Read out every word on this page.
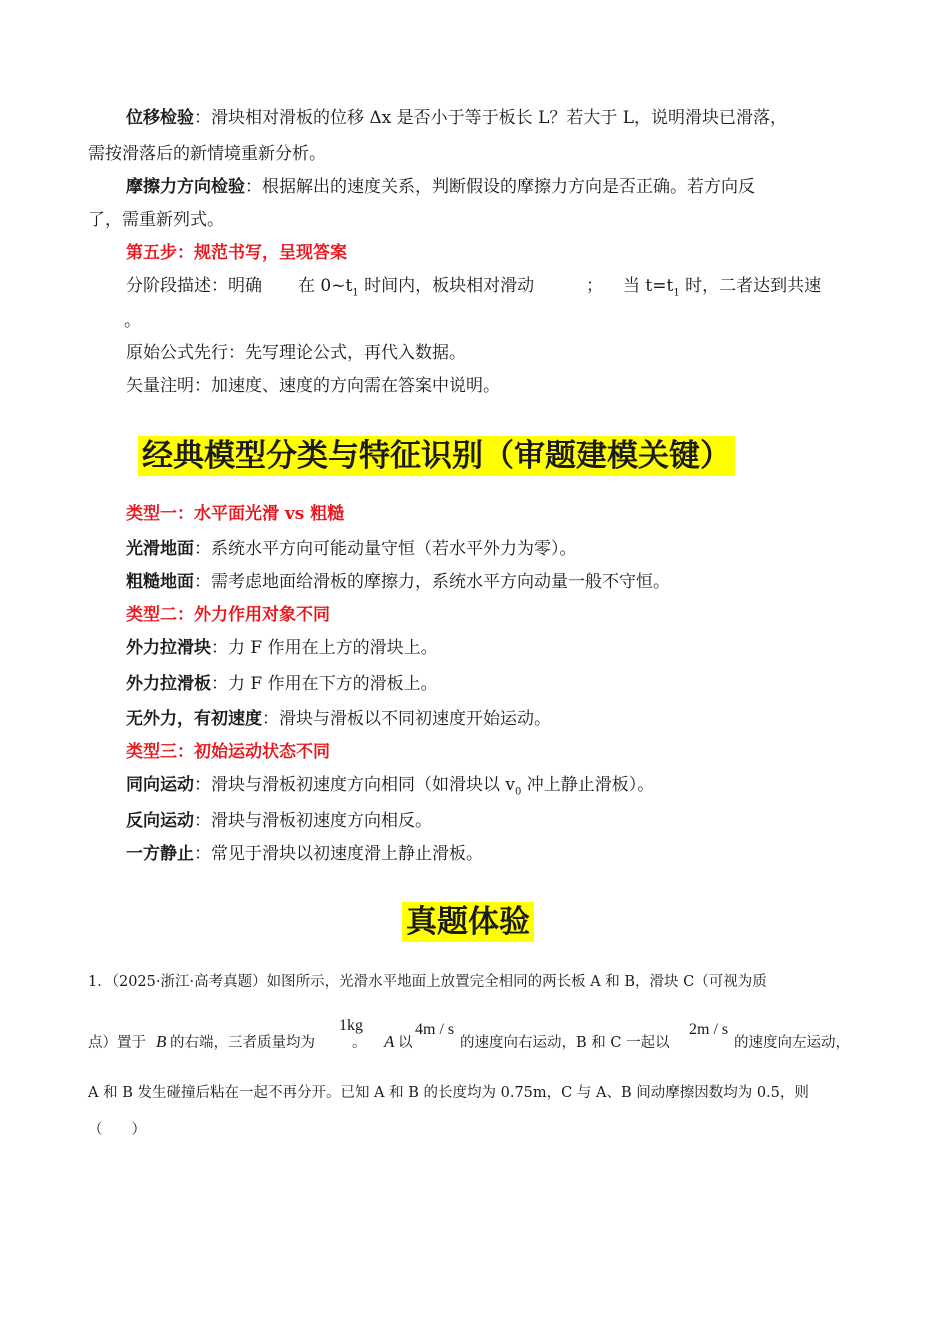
位移检验：滑块相对滑板的位移 Δx 是否小于等于板长 L？若大于 L，说明滑块已滑落，
需按滑落后的新情境重新分析。
摩擦力方向检验：根据解出的速度关系，判断假设的摩擦力方向是否正确。若方向反
了，需重新列式。
第五步：规范书写，呈现答案
分阶段描述：明确 在 $0\sim t_1$ 时间内，板块相对滑动	； 当 $t=t_1$ 时，二者达到共速
。
原始公式先行：先写理论公式，再代入数据。
矢量注明：加速度、速度的方向需在答案中说明。
经典模型分类与特征识别（审题建模关键）
类型一：水平面光滑 vs 粗糙
光滑地面：系统水平方向可能动量守恒（若水平外力为零）。
粗糙地面：需考虑地面给滑板的摩擦力，系统水平方向动量一般不守恒。
类型二：外力作用对象不同
外力拉滑块：力 F 作用在上方的滑块上。
外力拉滑板：力 F 作用在下方的滑板上。
无外力，有初速度：滑块与滑板以不同初速度开始运动。
类型三：初始运动状态不同
同向运动：滑块与滑板初速度方向相同（如滑块以 $v_0$ 冲上静止滑板）。
反向运动：滑块与滑板初速度方向相反。
一方静止：常见于滑块以初速度滑上静止滑板。
真题体验
1．（2025·浙江·高考真题）如图所示，光滑水平地面上放置完全相同的两长板 A 和 B，滑块 C（可视为质
点）置于 B 的右端，三者质量均为	。 A 以	的速度向右运动，B 和 C 一起以	的速度向左运动，
1kg	4m / s	2m / s
A 和 B 发生碰撞后粘在一起不再分开。已知 A 和 B 的长度均为 0.75m，C 与 A、B 间动摩擦因数均为 0.5，则
（　　）
